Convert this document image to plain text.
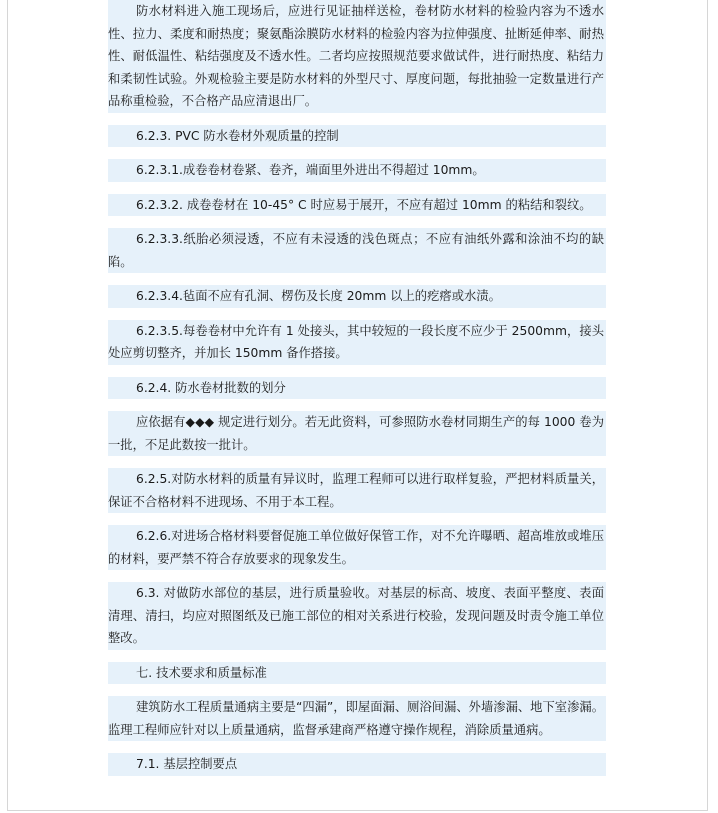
防水材料进入施工现场后，应进行见证抽样送检，卷材防水材料的检验内容为不透水性、拉力、柔度和耐热度；聚氨酯涂膜防水材料的检验内容为拉伸强度、扯断延伸率、耐热性、耐低温性、粘结强度及不透水性。二者均应按照规范要求做试件，进行耐热度、粘结力和柔韧性试验。外观检验主要是防水材料的外型尺寸、厚度问题，每批抽验一定数量进行产品称重检验，不合格产品应清退出厂。

6.2.3. PVC 防水卷材外观质量的控制

6.2.3.1.成卷卷材卷紧、卷齐，端面里外进出不得超过 10mm。

6.2.3.2. 成卷卷材在 10-45° C 时应易于展开，不应有超过 10mm 的粘结和裂纹。

6.2.3.3.纸胎必须浸透，不应有未浸透的浅色斑点；不应有油纸外露和涂油不均的缺陷。

6.2.3.4.毡面不应有孔洞、楞伤及长度 20mm 以上的疙瘩或水渍。

6.2.3.5.每卷卷材中允许有 1 处接头，其中较短的一段长度不应少于 2500mm，接头处应剪切整齐，并加长 150mm 备作搭接。

6.2.4. 防水卷材批数的划分

应依据有◆◆◆ 规定进行划分。若无此资料，可参照防水卷材同期生产的每 1000 卷为一批，不足此数按一批计。

6.2.5.对防水材料的质量有异议时，监理工程师可以进行取样复验，严把材料质量关，保证不合格材料不进现场、不用于本工程。

6.2.6.对进场合格材料要督促施工单位做好保管工作，对不允许曝晒、超高堆放或堆压的材料，要严禁不符合存放要求的现象发生。

6.3. 对做防水部位的基层，进行质量验收。对基层的标高、坡度、表面平整度、表面清理、清扫，均应对照图纸及已施工部位的相对关系进行校验，发现问题及时责令施工单位整改。

七. 技术要求和质量标准

建筑防水工程质量通病主要是“四漏”，即屋面漏、厕浴间漏、外墙渗漏、地下室渗漏。监理工程师应针对以上质量通病，监督承建商严格遵守操作规程，消除质量通病。

7.1. 基层控制要点
